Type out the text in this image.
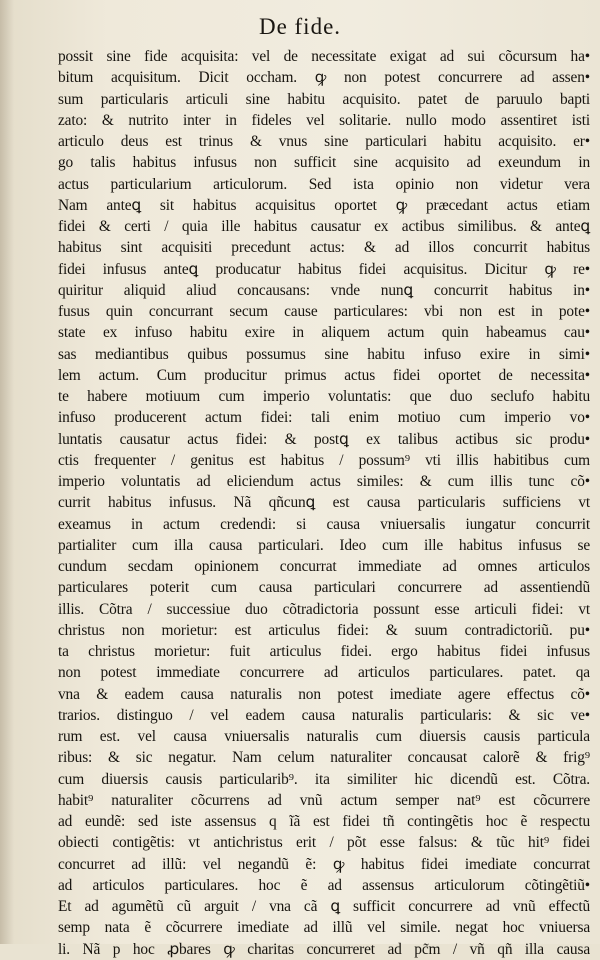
De fide.
possit sine fide acquisita: vel de necessitate exigat ad sui cõcursum ha•
bitum acquisitum. Dicit occham. ꝙ non potest concurrere ad assen•
sum particularis articuli sine habitu acquisito. patet de paruulo bapti
zato: & nutrito inter in fideles vel solitarie. nullo modo assentiret isti
articulo deus est trinus & vnus sine particulari habitu acquisito. er•
go talis habitus infusus non sufficit sine acquisito ad exeundum in
actus particularium articulorum. Sed ista opinio non videtur vera
Nam anteꝗ sit habitus acquisitus oportet ꝙ præcedant actus etiam
fidei & certi / quia ille habitus causatur ex actibus similibus. & anteꝗ
habitus sint acquisiti precedunt actus: & ad illos concurrit habitus
fidei infusus anteꝗ producatur habitus fidei acquisitus. Dicitur ꝙ re•
quiritur aliquid aliud concausans: vnde nunꝗ concurrit habitus in•
fusus quin concurrant secum cause particulares: vbi non est in pote•
state ex infuso habitu exire in aliquem actum quin habeamus cau•
sas mediantibus quibus possumus sine habitu infuso exire in simi•
lem actum. Cum producitur primus actus fidei oportet de necessita•
te habere motiuum cum imperio voluntatis: que duo seclufo habitu
infuso producerent actum fidei: tali enim motiuo cum imperio vo•
luntatis causatur actus fidei: & postꝗ ex talibus actibus sic produ•
ctis frequenter / genitus est habitus / possum⁹ vti illis habitibus cum
imperio voluntatis ad eliciendum actus similes: & cum illis tunc cõ•
currit habitus infusus. Nã qñcunꝗ est causa particularis sufficiens vt
exeamus in actum credendi: si causa vniuersalis iungatur concurrit
partialiter cum illa causa particulari. Ideo cum ille habitus infusus se
cundum secdam opinionem concurrat immediate ad omnes articulos
particulares poterit cum causa particulari concurrere ad assentiendũ
illis. Cõtra / successiue duo cõtradictoria possunt esse articuli fidei: vt
christus non morietur: est articulus fidei: & suum contradictoriũ. pu•
ta christus morietur: fuit articulus fidei. ergo habitus fidei infusus
non potest immediate concurrere ad articulos particulares. patet. qa
vna & eadem causa naturalis non potest imediate agere effectus cõ•
trarios. distinguo / vel eadem causa naturalis particularis: & sic ve•
rum est. vel causa vniuersalis naturalis cum diuersis causis particula
ribus: & sic negatur. Nam celum naturaliter concausat calorẽ & frig⁹
cum diuersis causis particularib⁹. ita similiter hic dicendũ est. Cõtra.
habit⁹ naturaliter cõcurrens ad vnũ actum semper nat⁹ est cõcurrere
ad eundẽ: sed iste assensus q ĩã est fidei tñ contingẽtis hoc ẽ respectu
obiecti contigẽtis: vt antichristus erit / põt esse falsus: & tũc hit⁹ fidei
concurret ad illũ: vel negandũ ẽ: ꝙ habitus fidei imediate concurrat
ad articulos particulares. hoc ẽ ad assensus articulorum cõtingẽtiũ•
Et ad agumẽtũ cũ arguit / vna cã ꝗ sufficit concurrere ad vnũ effectũ
semp nata ẽ cõcurrere imediate ad illũ vel simile. negat hoc vniuersa
li. Nã p hoc ꝓbares ꝙ charitas concurreret ad pc̃m / vñ qñ illa causa
